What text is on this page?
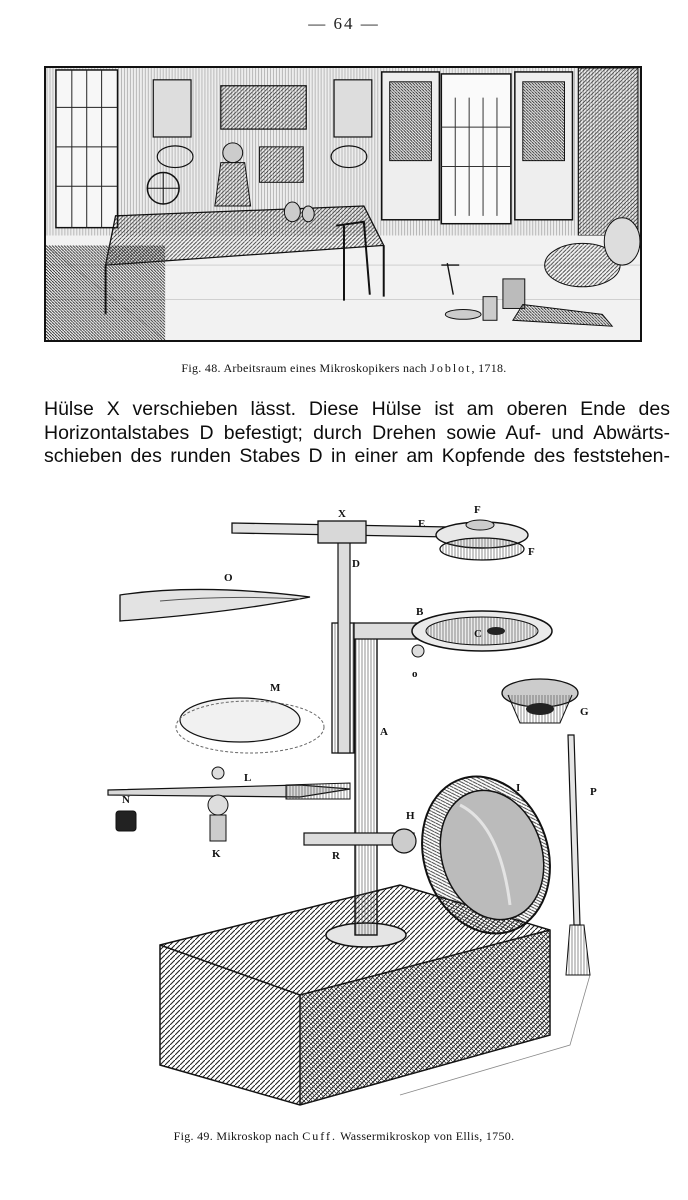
— 64 —
Fig. 48. Arbeitsraum eines Mikroskopikers nach Joblot, 1718.
Hülse X verschieben lässt. Diese Hülse ist am oberen Ende des
Horizontalstabes D befestigt; durch Drehen sowie Auf- und Abwärts-
schieben des runden Stabes D in einer am Kopfende des feststehen-
X
E
F
F
D
O
B
C
o
M
A
G
L
I
N
H
P
R
K
Fig. 49. Mikroskop nach Cuff. Wassermikroskop von Ellis, 1750.
